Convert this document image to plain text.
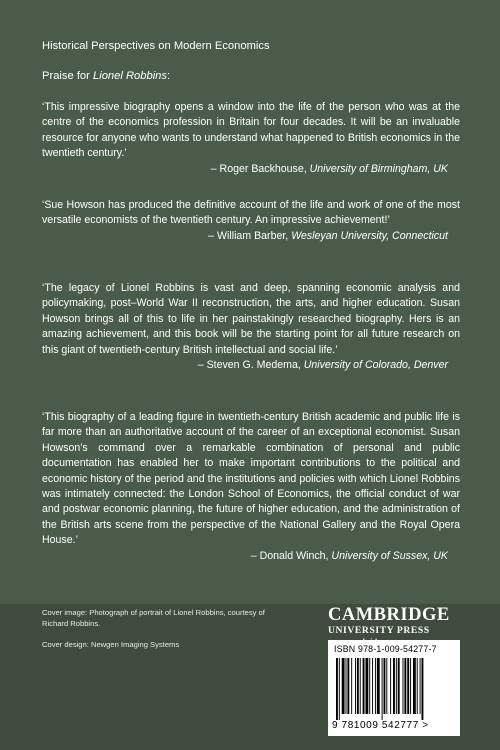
Historical Perspectives on Modern Economics
Praise for Lionel Robbins:
‘This impressive biography opens a window into the life of the person who was at the centre of the economics profession in Britain for four decades. It will be an invaluable resource for anyone who wants to understand what happened to British economics in the twentieth century.’
– Roger Backhouse, University of Birmingham, UK
‘Sue Howson has produced the definitive account of the life and work of one of the most versatile economists of the twentieth century. An impressive achievement!’
– William Barber, Wesleyan University, Connecticut
‘The legacy of Lionel Robbins is vast and deep, spanning economic analysis and policymaking, post–World War II reconstruction, the arts, and higher education. Susan Howson brings all of this to life in her painstakingly researched biography. Hers is an amazing achievement, and this book will be the starting point for all future research on this giant of twentieth-century British intellectual and social life.’
– Steven G. Medema, University of Colorado, Denver
‘This biography of a leading figure in twentieth-century British academic and public life is far more than an authoritative account of the career of an exceptional economist. Susan Howson’s command over a remarkable combination of personal and public documentation has enabled her to make important contributions to the political and economic history of the period and the institutions and policies with which Lionel Robbins was intimately connected: the London School of Economics, the official conduct of war and postwar economic planning, the future of higher education, and the administration of the British arts scene from the perspective of the National Gallery and the Royal Opera House.’
– Donald Winch, University of Sussex, UK
Cover image: Photograph of portrait of Lionel Robbins, courtesy of Richard Robbins.
Cover design: Newgen Imaging Systems
CAMBRIDGE
UNIVERSITY PRESS
ISBN 978-1-009-54277-7
9 781009 542777 >
